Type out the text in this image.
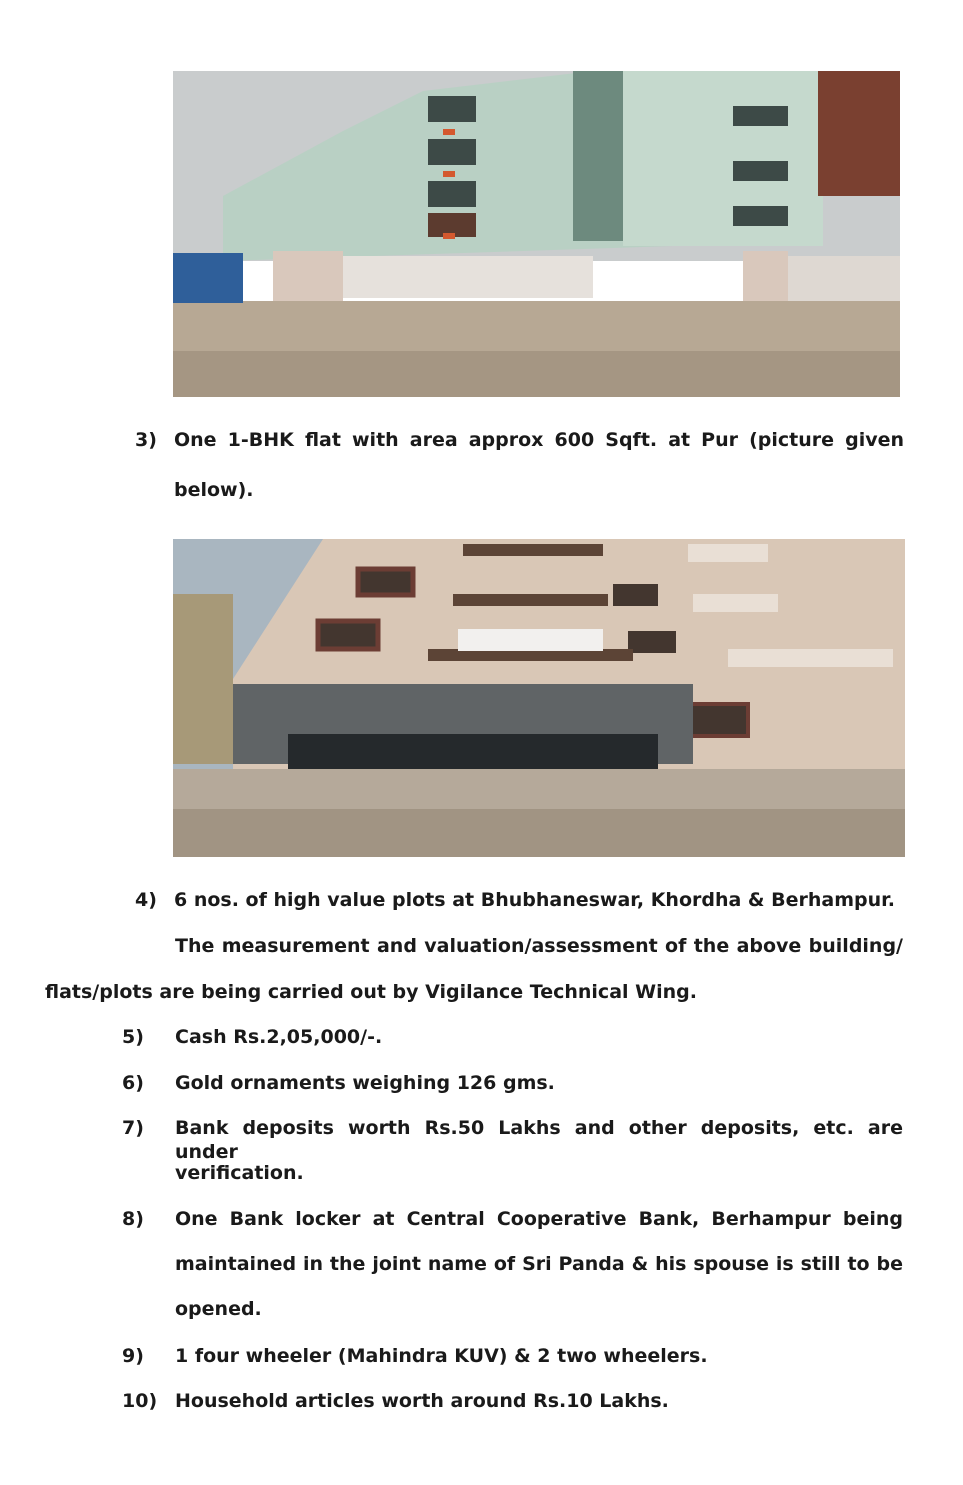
3) One 1-BHK flat with area approx 600 Sqft. at Pur (picture given
below).
4) 6 nos. of high value plots at Bhubhaneswar, Khordha & Berhampur.
The measurement and valuation/assessment of the above building/
flats/plots are being carried out by Vigilance Technical Wing.
5) Cash Rs.2,05,000/-.
6) Gold ornaments weighing 126 gms.
7) Bank deposits worth Rs.50 Lakhs and other deposits, etc. are under
verification.
8) One Bank locker at Central Cooperative Bank, Berhampur being
maintained in the joint name of Sri Panda & his spouse is still to be
opened.
9) 1 four wheeler (Mahindra KUV) & 2 two wheelers.
10) Household articles worth around Rs.10 Lakhs.
